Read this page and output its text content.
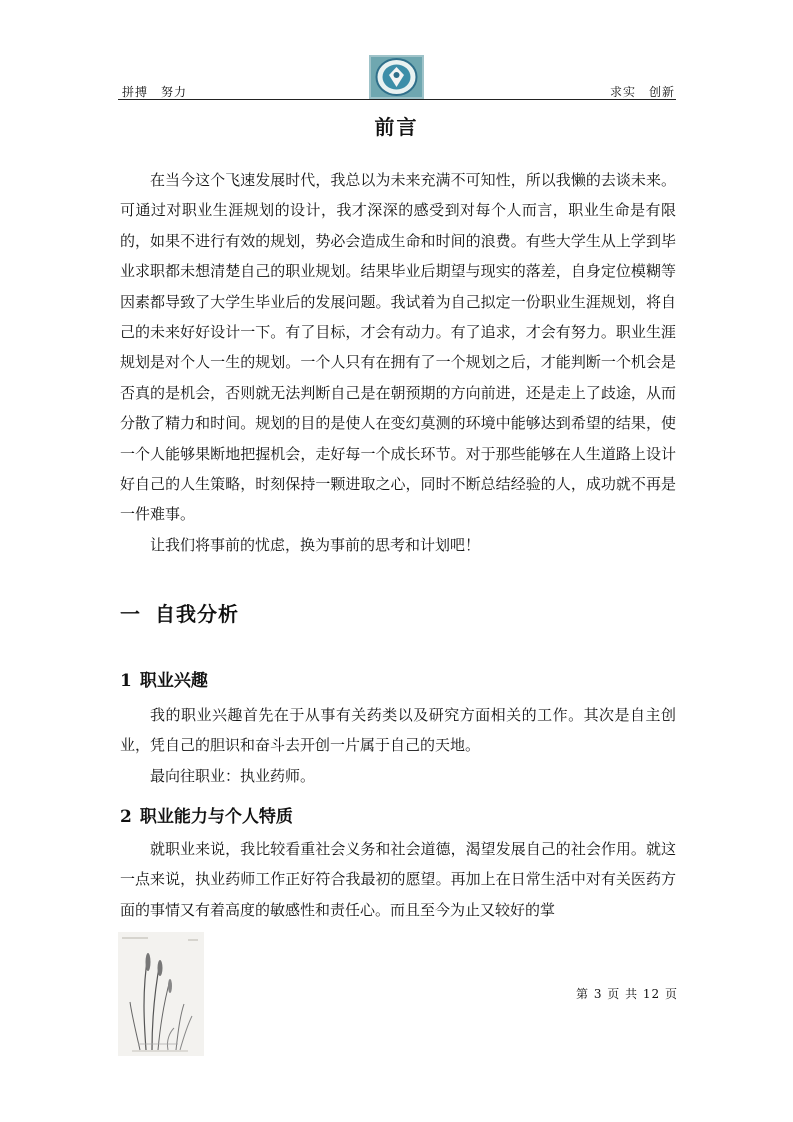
拼搏　努力	求实　创新
前言

在当今这个飞速发展时代，我总以为未来充满不可知性，所以我懒的去谈未来。可通过对职业生涯规划的设计，我才深深的感受到对每个人而言，职业生命是有限的，如果不进行有效的规划，势必会造成生命和时间的浪费。有些大学生从上学到毕业求职都未想清楚自己的职业规划。结果毕业后期望与现实的落差，自身定位模糊等因素都导致了大学生毕业后的发展问题。我试着为自己拟定一份职业生涯规划，将自己的未来好好设计一下。有了目标，才会有动力。有了追求，才会有努力。职业生涯规划是对个人一生的规划。一个人只有在拥有了一个规划之后，才能判断一个机会是否真的是机会，否则就无法判断自己是在朝预期的方向前进，还是走上了歧途，从而分散了精力和时间。规划的目的是使人在变幻莫测的环境中能够达到希望的结果，使一个人能够果断地把握机会，走好每一个成长环节。对于那些能够在人生道路上设计好自己的人生策略，时刻保持一颗进取之心，同时不断总结经验的人，成功就不再是一件难事。

让我们将事前的忧虑，换为事前的思考和计划吧！

一 自我分析
1 职业兴趣

我的职业兴趣首先在于从事有关药类以及研究方面相关的工作。其次是自主创业，凭自己的胆识和奋斗去开创一片属于自己的天地。

最向往职业：执业药师。

2 职业能力与个人特质

就职业来说，我比较看重社会义务和社会道德，渴望发展自己的社会作用。就这一点来说，执业药师工作正好符合我最初的愿望。再加上在日常生活中对有关医药方面的事情又有着高度的敏感性和责任心。而且至今为止又较好的掌

第 3 页 共 12 页
